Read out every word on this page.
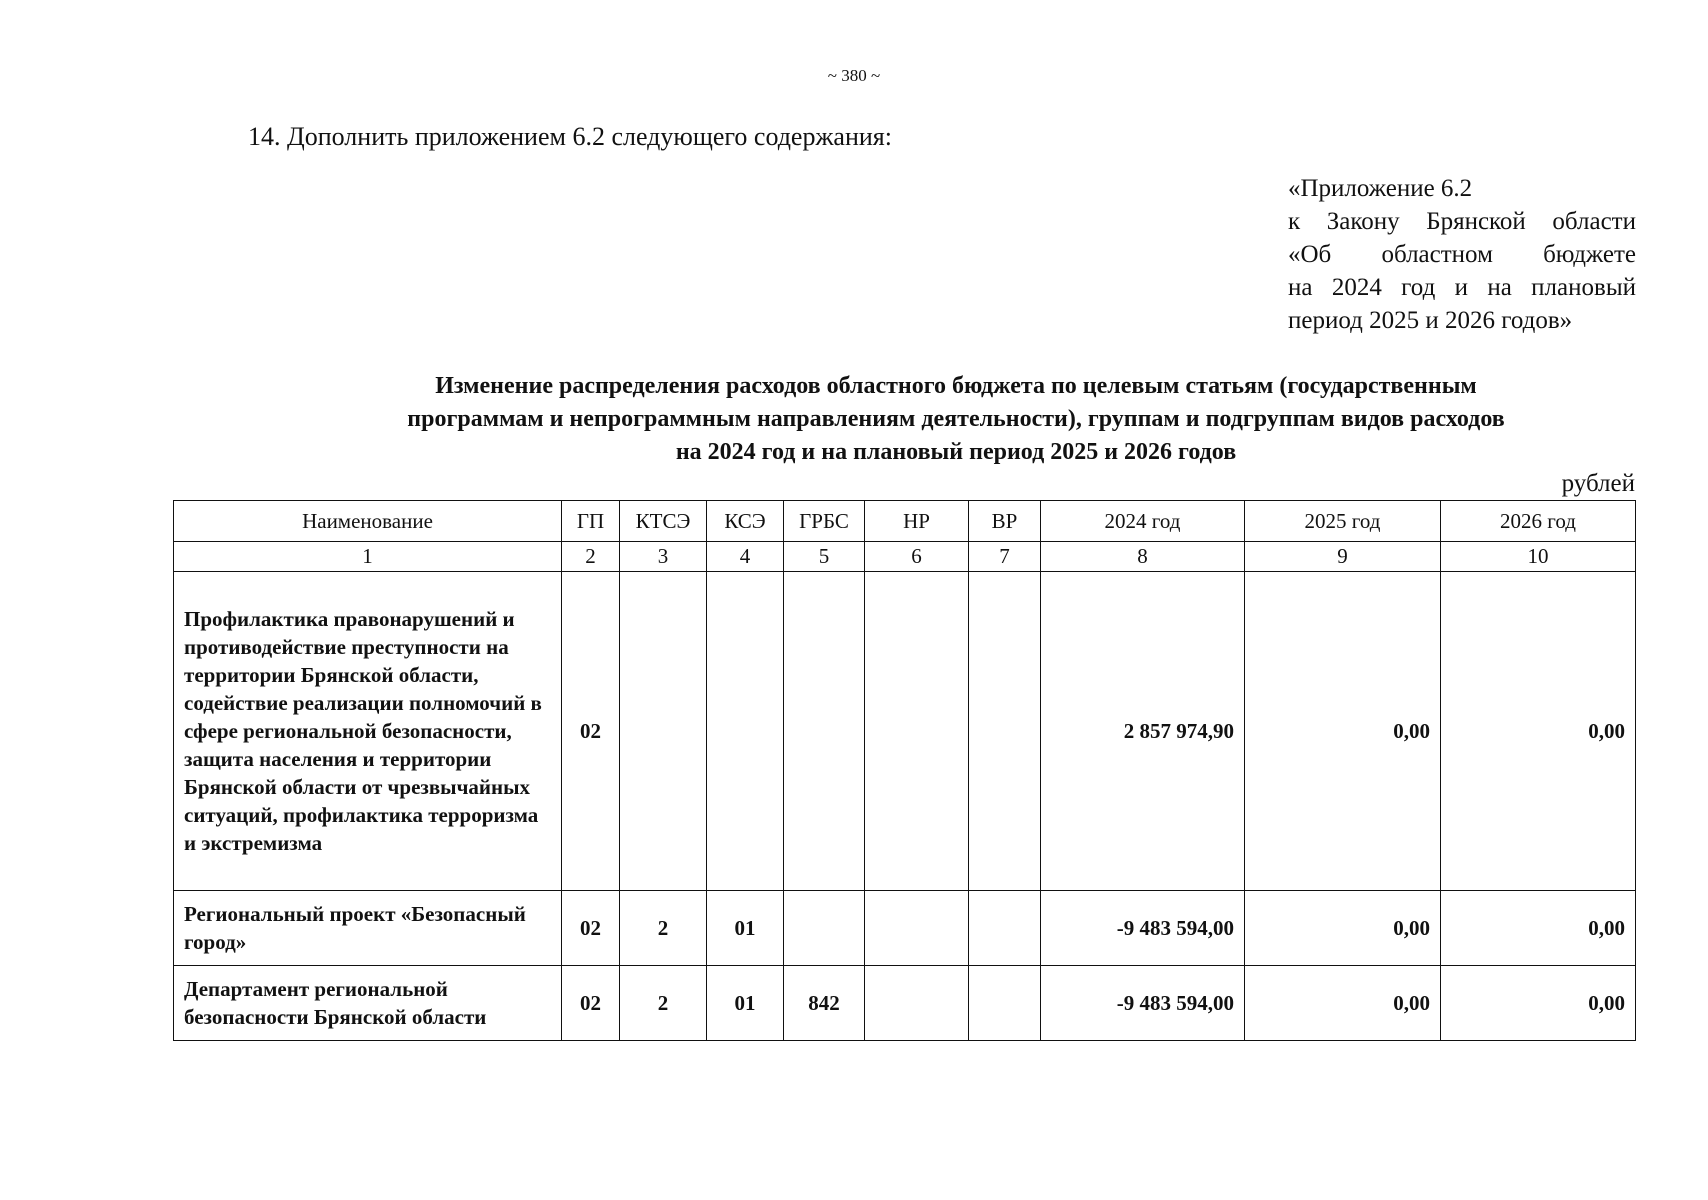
~ 380 ~
14. Дополнить приложением 6.2 следующего содержания:
«Приложение 6.2
к Закону Брянской области
«Об областном бюджете
на 2024 год и на плановый
период 2025 и 2026 годов»
Изменение распределения расходов областного бюджета по целевым статьям (государственным
программам и непрограммным направлениям деятельности), группам и подгруппам видов расходов
на 2024 год и на плановый период 2025 и 2026 годов
рублей
Наименование	ГП	КТСЭ	КСЭ	ГРБС	НР	ВР	2024 год	2025 год	2026 год
1	2	3	4	5	6	7	8	9	10
Профилактика правонарушений и противодействие преступности на территории Брянской области, содействие реализации полномочий в сфере региональной безопасности, защита населения и территории Брянской области от чрезвычайных ситуаций, профилактика терроризма и экстремизма	02						2 857 974,90	0,00	0,00
Региональный проект «Безопасный город»	02	2	01				-9 483 594,00	0,00	0,00
Департамент региональной безопасности Брянской области	02	2	01	842			-9 483 594,00	0,00	0,00
